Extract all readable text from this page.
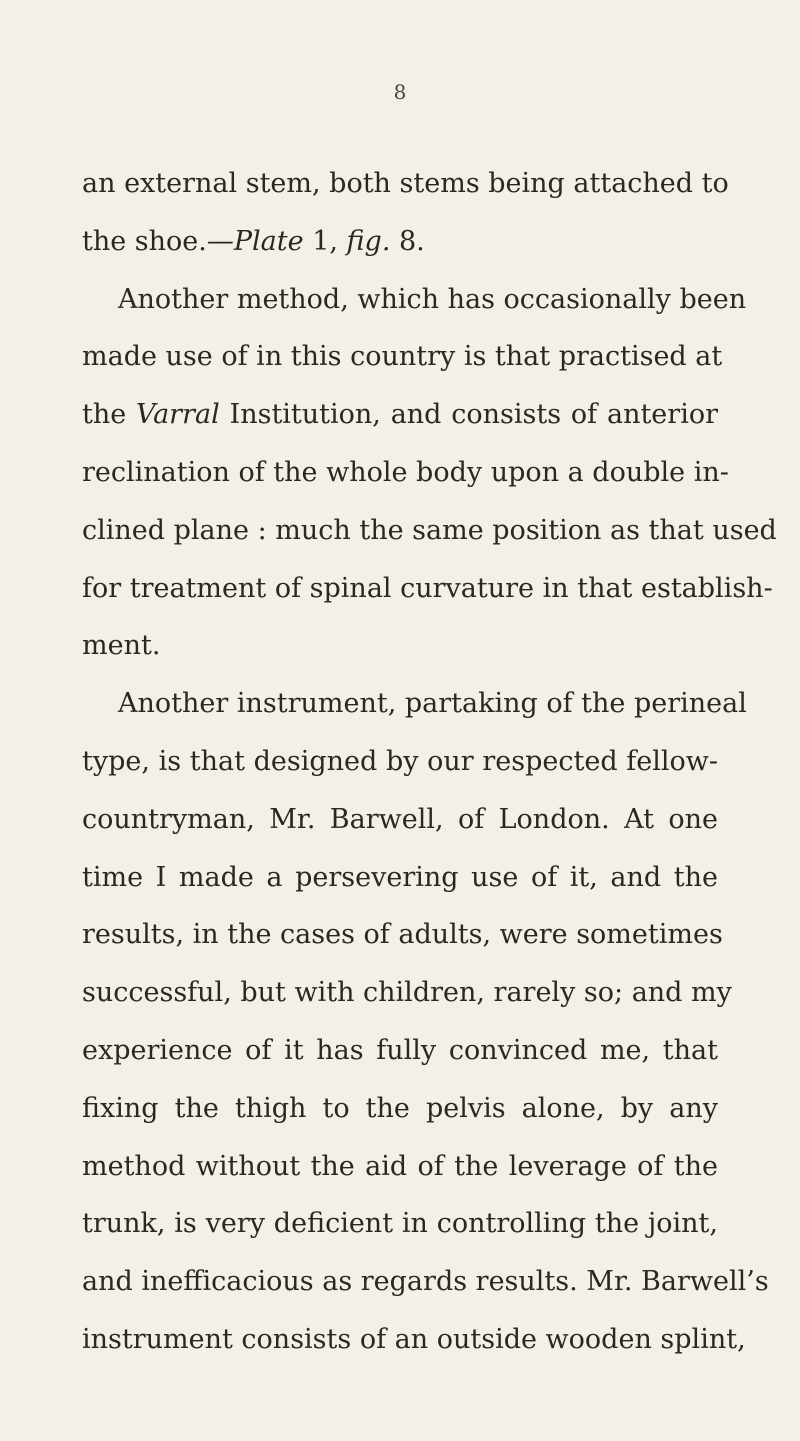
8
an external stem, both stems being attached to
the shoe.—Plate 1, fig. 8.
Another method, which has occasionally been
made use of in this country is that practised at
the Varral Institution, and consists of anterior
reclination of the whole body upon a double in-
clined plane : much the same position as that used
for treatment of spinal curvature in that establish-
ment.
Another instrument, partaking of the perineal
type, is that designed by our respected fellow-
countryman, Mr. Barwell, of London. At one
time I made a persevering use of it, and the
results, in the cases of adults, were sometimes
successful, but with children, rarely so; and my
experience of it has fully convinced me, that
fixing the thigh to the pelvis alone, by any
method without the aid of the leverage of the
trunk, is very deficient in controlling the joint,
and inefficacious as regards results. Mr. Barwell’s
instrument consists of an outside wooden splint,
